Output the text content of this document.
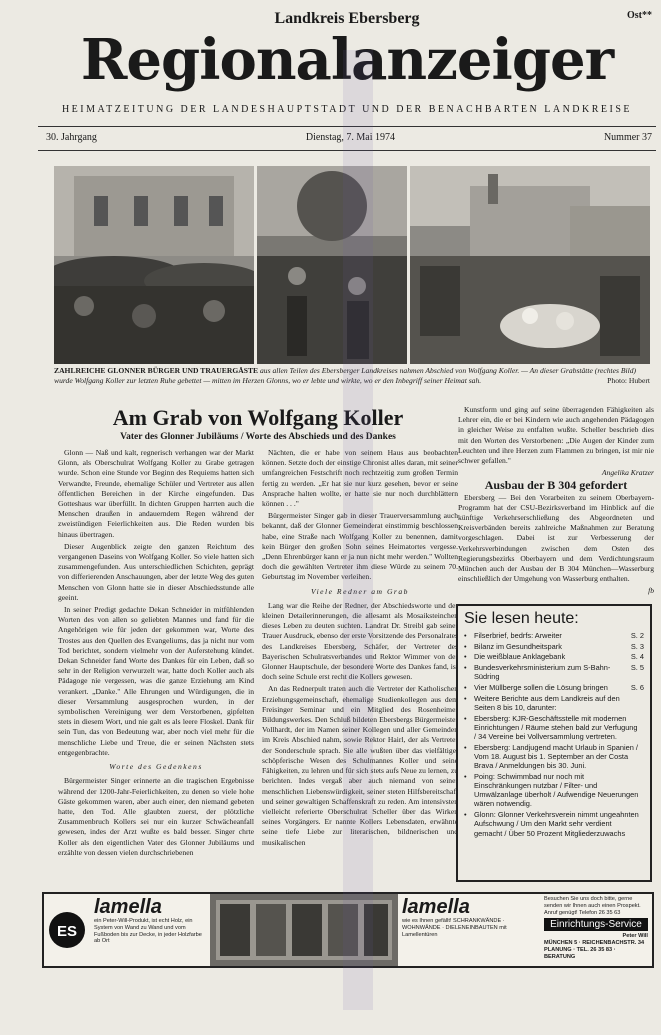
Landkreis Ebersberg	Ost**
Regionalanzeiger
HEIMATZEITUNG DER LANDESHAUPTSTADT UND DER BENACHBARTEN LANDKREISE
30. Jahrgang	Dienstag, 7. Mai 1974	Nummer 37
ZAHLREICHE GLONNER BÜRGER UND TRAUERGÄSTE aus allen Teilen des Ebersberger Landkreises nahmen Abschied von Wolfgang Koller. — An dieser Grabstätte (rechtes Bild) wurde Wolfgang Koller zur letzten Ruhe gebettet — mitten im Herzen Glonns, wo er lebte und wirkte, wo er den Inbegriff seiner Heimat sah.	Photo: Hubert
Am Grab von Wolfgang Koller
Vater des Glonner Jubiläums / Worte des Abschieds und des Dankes

Glonn — Naß und kalt, regnerisch verhangen war der Markt Glonn, als Oberschulrat Wolfgang Koller zu Grabe getragen wurde. Schon eine Stunde vor Beginn des Requiems hatten sich Verwandte, Freunde, ehemalige Schüler und Vertreter aus allen öffentlichen Bereichen in der Kirche eingefunden. Das Gotteshaus war überfüllt. In dichten Gruppen harrten auch die Menschen draußen in andauerndem Regen während der zweistündigen Feierlichkeiten aus. Die Reden wurden bis hinaus übertragen.

Dieser Augenblick zeigte den ganzen Reichtum des vergangenen Daseins von Wolfgang Koller. So viele hatten sich zusammengefunden. Aus unterschiedlichen Schichten, geprägt von differierenden Anschauungen, aber der letzte Weg des guten Menschen von Glonn hatte sie in dieser Abschiedsstunde alle geeint.

In seiner Predigt gedachte Dekan Schneider in mitfühlenden Worten des von allen so geliebten Mannes und fand für die Angehörigen wie für jeden der gekommen war, Worte des Trostes aus den Quellen des Evangeliums, das ja nicht nur vom Tod berichtet, sondern vielmehr von der Auferstehung kündet. Dekan Schneider fand Worte des Dankes für ein Leben, daß so sehr in der Religion verwurzelt war, hatte doch Koller auch als Pädagoge nie vergessen, was die ganze Erziehung am Kind verankert. „Danke." Alle Ehrungen und Würdigungen, die in dieser Versammlung ausgesprochen wurden, in der symbolischen Vereinigung wer dem Verstorbenen, gipfelten stets in diesem Wort, und nie galt es als leere Floskel. Dank für sein Tun, das von Bedeutung war, aber noch viel mehr für die menschliche Liebe und Treue, die er seinen Nächsten stets entgegenbrachte.

Worte des Gedenkens

Bürgermeister Singer erinnerte an die tragischen Ergebnisse während der 1200-Jahr-Feierlichkeiten, zu denen so viele hohe Gäste gekommen waren, aber auch einer, den niemand gebeten hatte, den Tod. Alle glaubten zuerst, der plötzliche Zusammenbruch Kollers sei nur ein kurzer Schwächeanfall gewesen, indes der Arzt wußte es bald besser. Singer chrte Koller als den eigentlichen Vater des Glonner Jubiläums und erzählte von dessen vielen durchschriebenen

Nächten, die er habe von seinem Haus aus beobachten können. Setzte doch der einstige Chronist alles daran, mit seiner umfangreichen Festschrift noch rechtzeitig zum großen Termin fertig zu werden. „Er hat sie nur kurz gesehen, bevor er seine Ansprache halten wollte, er hatte sie nur noch durchblättern können . . ."

Bürgermeister Singer gab in dieser Trauerversammlung auch bekannt, daß der Glonner Gemeinderat einstimmig beschlossen habe, eine Straße nach Wolfgang Koller zu benennen, damit kein Bürger den großen Sohn seines Heimatortes vergesse. „Denn Ehrenbürger kann er ja nun nicht mehr werden." Wollten doch die gewählten Vertreter ihm diese Würde zu seinem 70. Geburtstag im November verleihen.

Viele Redner am Grab

Lang war die Reihe der Redner, der Abschiedsworte und der kleinen Detailerinnerungen, die allesamt als Mosaiksteinchen dieses Leben zu deuten suchten. Landrat Dr. Streibl gab seiner Trauer Ausdruck, ebenso der erste Vorsitzende des Personalrates des Landkreises Ebersberg, Schäfer, der Vertreter des Bayerischen Schulratsverbandes und Rektor Wimmer von der Glonner Hauptschule, der besondere Worte des Dankes fand, ist doch seine Schule erst recht die Kollers gewesen.

An das Rednerpult traten auch die Vertreter der Katholischen Erziehungsgemeinschaft, ehemalige Studienkollegen aus dem Freisinger Seminar und ein Mitglied des Rosenheimer Bildungswerkes. Den Schluß bildeten Ebersbergs Bürgermeister Vollhardt, der im Namen seiner Kollegen und aller Gemeinden im Kreis Abschied nahm, sowie Rektor Hairl, der als Vertreter der Sonderschule sprach. Sie alle wußten über das vielfältige, schöpferische Wesen des Schulmannes Koller und seine Fähigkeiten, zu lehren und für sich stets aufs Neue zu lernen, zu berichten. Indes vergaß aber auch niemand von seiner menschlichen Liebenswürdigkeit, seiner steten Hilfsbereitschaft und seiner gewaltigen Schaffenskraft zu reden. Am intensivsten vielleicht referierte Oberschulrat Scheller über das Wirken seines Vorgängers. Er nannte Kollers Lebensdaten, erwähnte seine tiefe Liebe zur literarischen, bildnerischen und musikalischen

Kunstform und ging auf seine überragenden Fähigkeiten als Lehrer ein, die er bei Kindern wie auch angehenden Pädagogen in gleicher Weise zu entfalten wußte. Scheller beschrieb dies mit den Worten des Verstorbenen: „Die Augen der Kinder zum Leuchten und ihre Herzen zum Flammen zu bringen, ist mir nie schwer gefallen."

Angelika Kratzer

Ausbau der B 304 gefordert

Ebersberg — Bei den Vorarbeiten zu seinem Oberbayern-Programm hat der CSU-Bezirksverband im Hinblick auf die künftige Verkehrserschließung des Abgeordneten und Kreisverbänden bereits zahlreiche Maßnahmen zur Beratung vorgeschlagen. Dabei ist zur Verbesserung der Verkehrsverbindungen zwischen dem Osten des Regierungsbezirks Oberbayern und dem Verdichtungsraum München auch der Ausbau der B 304 München—Wasserburg einschließlich der Umgehung von Wasserburg enthalten.

fb

Sie lesen heute:
•	Filserbrief, bedrfs: Arweiter	S. 2
•	Bilanz im Gesundheitspark	S. 3
•	Die weißblaue Anklagebank	S. 4
•	Bundesverkehrsministerium zum S-Bahn-Südring
S. 5
•	Vier Müllberge sollen die Lösung bringen	S. 6
•	Weitere Berichte aus dem Landkreis auf den Seiten 8 bis 10, darunter:
•	Ebersberg: KJR-Geschäftsstelle mit modernen Einrichtungen / Räume stehen bald zur Verfugung / 34 Vereine bei Vollversammlung vertreten.
•	Ebersberg: Landjugend macht Urlaub in Spanien / Vom 18. August bis 1. September an der Costa Brava / Anmeldungen bis 30. Juni.
•	Poing: Schwimmbad nur noch mit Einschränkungen nutzbar / Filter- und Umwälzanlage überholt / Aufwendige Neuerungen wären notwendig.
•	Glonn: Glonner Verkehrsverein nimmt ungeahnten Aufschwung / Um den Markt sehr verdient gemacht / Über 50 Prozent Mitgliederzuwachs
ES
lamella
ein Peter-Will-Produkt, ist echt Holz, ein System von Wand zu Wand und vom Fußboden bis zur Decke, in jeder Holzfarbe ab Ort
lamella
wie es Ihnen gefällt! SCHRANKWÄNDE · WOHNWÄNDE · DIELENEINBAUTEN mit Lamellentüren
Besuchen Sie uns doch bitte, gerne senden wir Ihnen auch einen Prospekt. Anruf genügt! Telefon 26 35 63
Einrichtungs-Service
Peter Will
MÜNCHEN 5 · REICHENBACHSTR. 34
PLANUNG · TEL. 26 35 83 · BERATUNG
